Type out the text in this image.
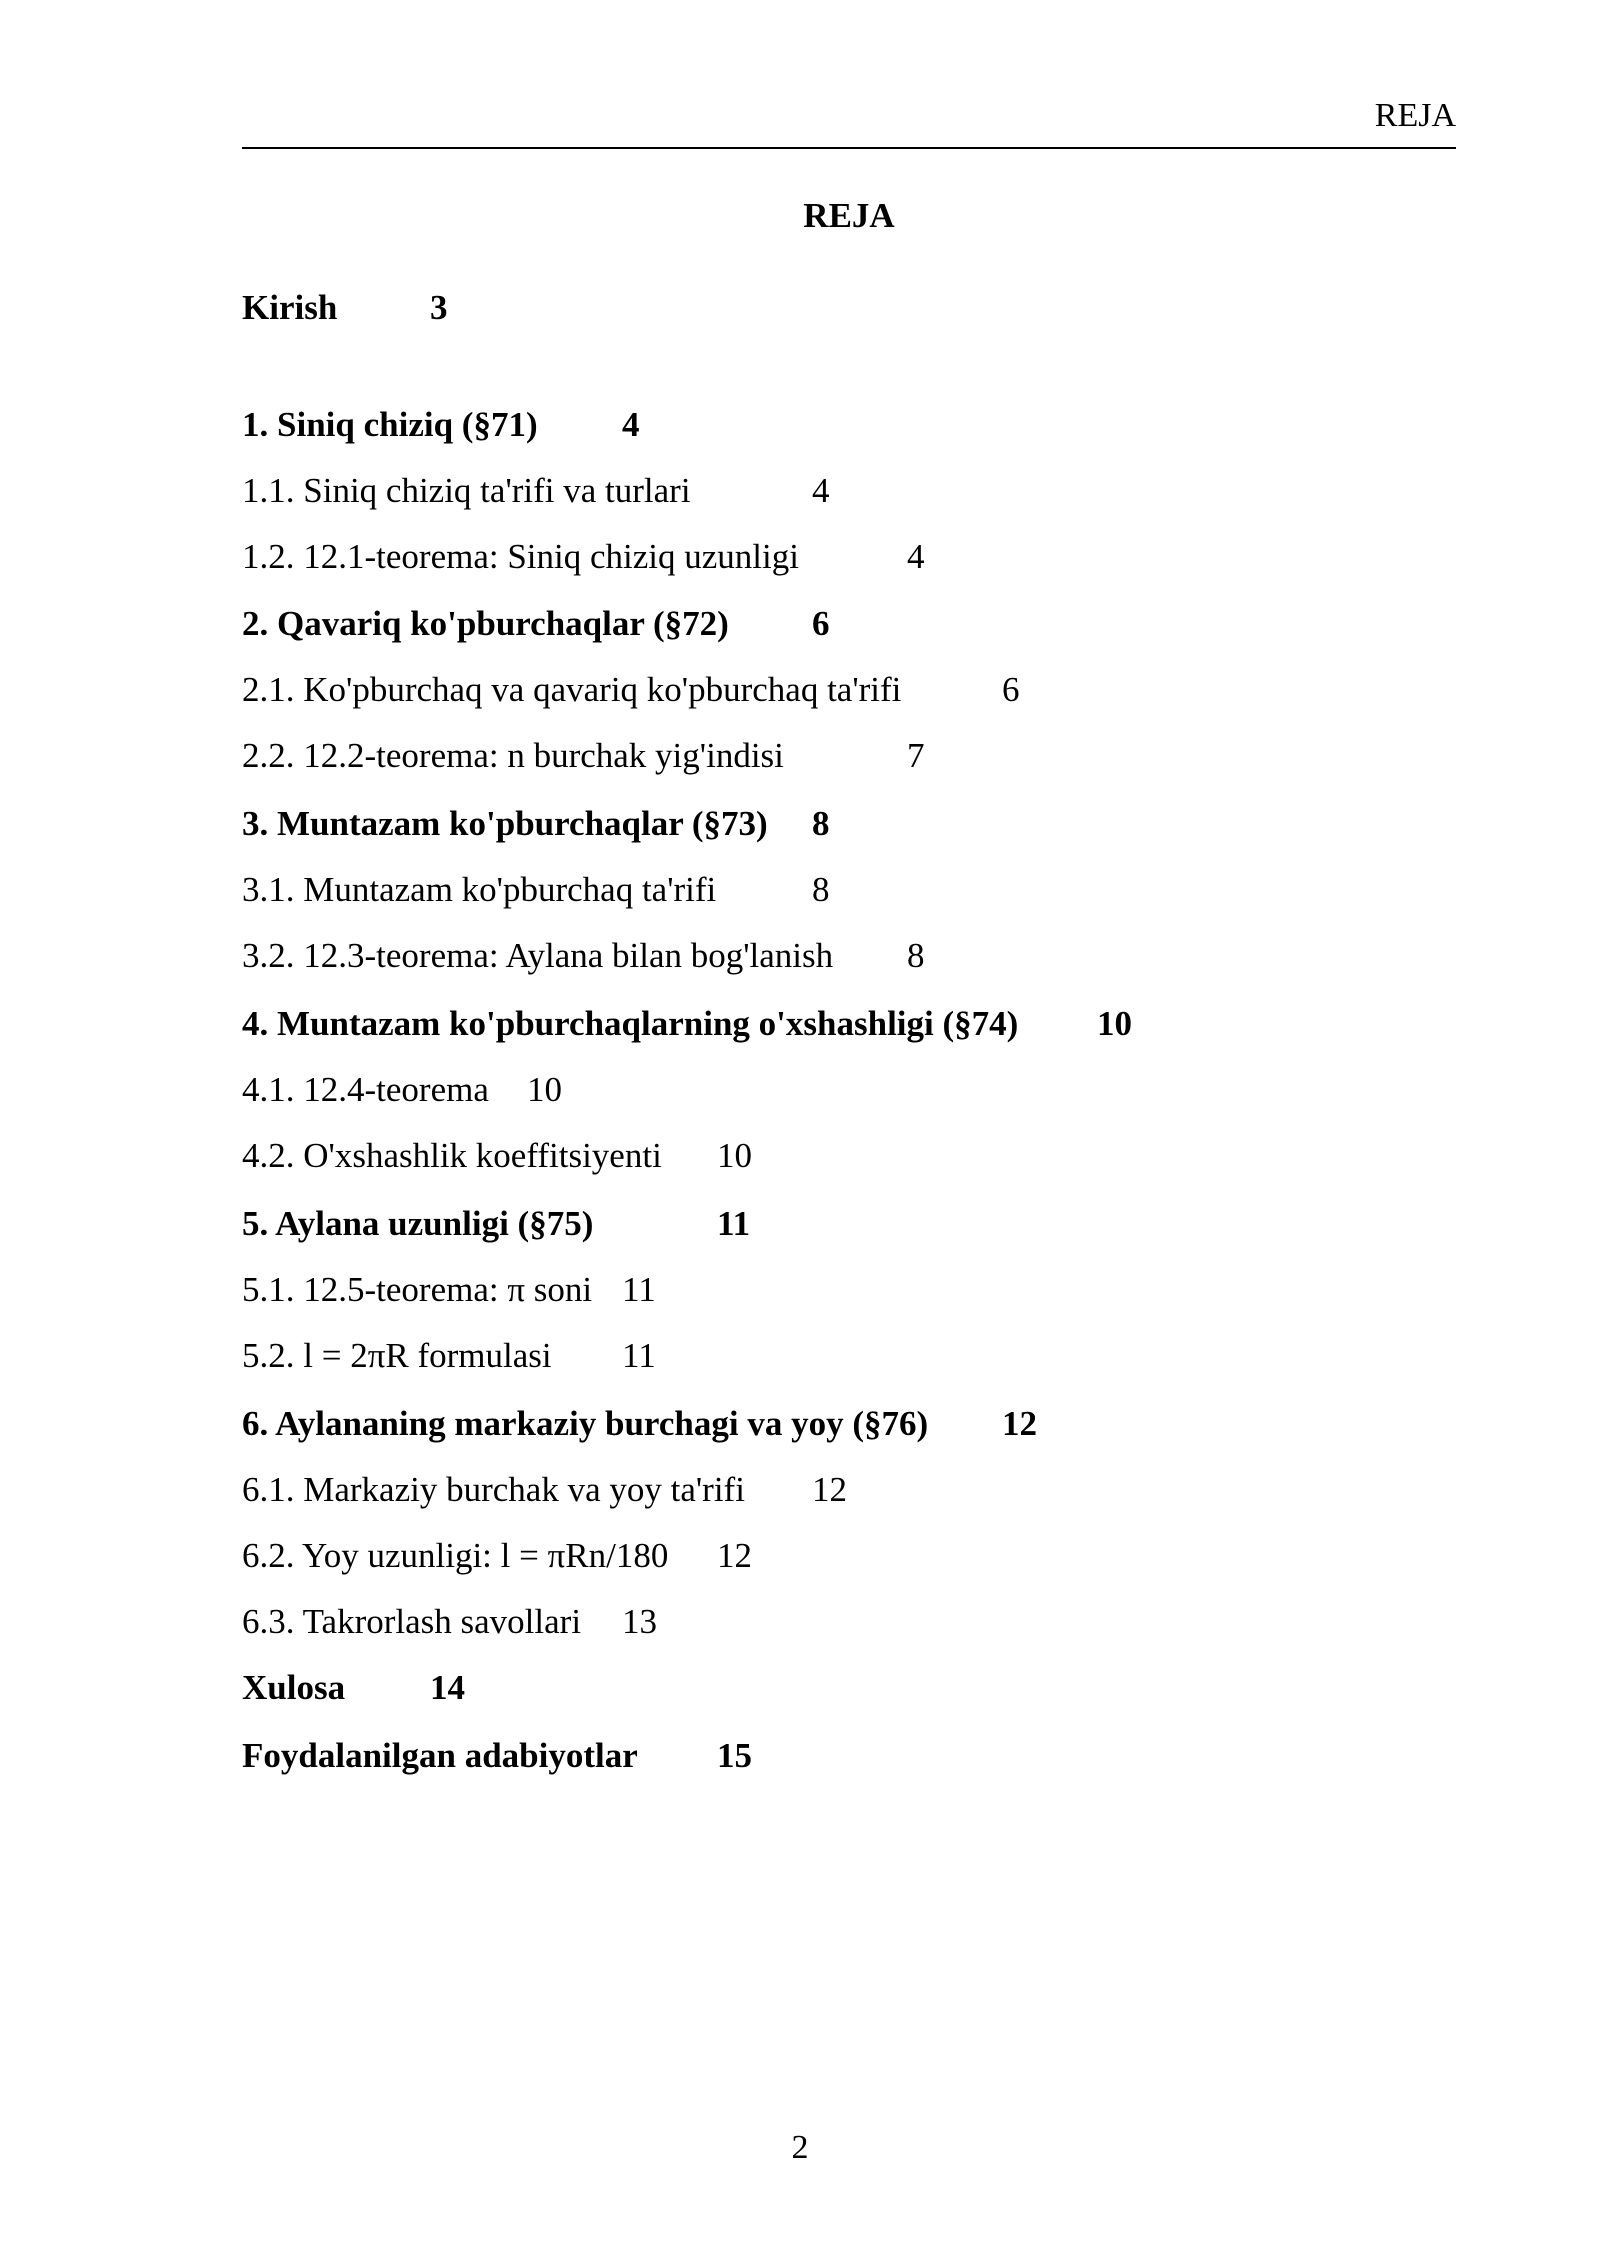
REJA
REJA
Kirish	3
1. Siniq chiziq (§71) 4
1.1. Siniq chiziq ta'rifi va turlari	4
1.2. 12.1-teorema: Siniq chiziq uzunligi	4
2. Qavariq ko'pburchaqlar (§72) 6
2.1. Ko'pburchaq va qavariq ko'pburchaq ta'rifi	6
2.2. 12.2-teorema: n burchak yig'indisi	7
3. Muntazam ko'pburchaqlar (§73) 8
3.1. Muntazam ko'pburchaq ta'rifi	8
3.2. 12.3-teorema: Aylana bilan bog'lanish 8
4. Muntazam ko'pburchaqlarning o'xshashligi (§74) 10
4.1. 12.4-teorema 10
4.2. O'xshashlik koeffitsiyenti 10
5. Aylana uzunligi (§75)	11
5.1. 12.5-teorema: π soni 11
5.2. l = 2πR formulasi 11
6. Aylananing markaziy burchagi va yoy (§76) 12
6.1. Markaziy burchak va yoy ta'rifi 12
6.2. Yoy uzunligi: l = πRn/180 12
6.3. Takrorlash savollari 13
Xulosa 14
Foydalanilgan adabiyotlar 15
2
